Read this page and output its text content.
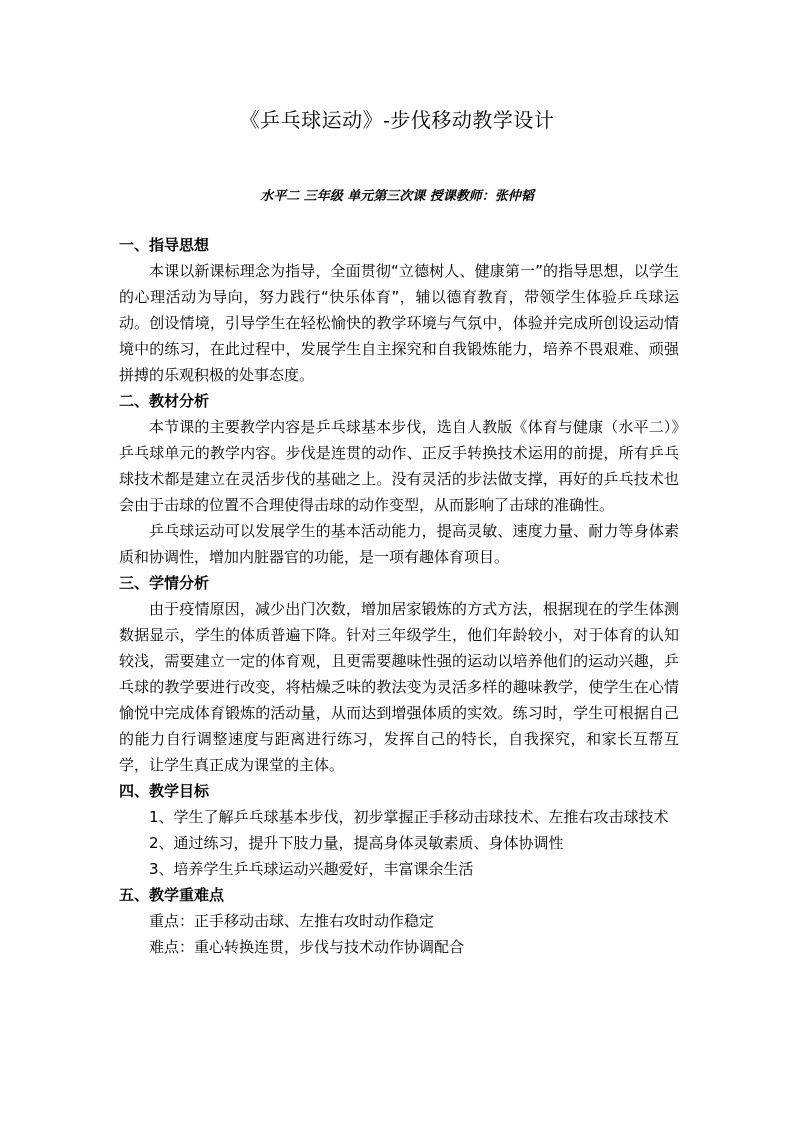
《乒乓球运动》-步伐移动教学设计
水平二 三年级 单元第三次课 授课教师：张仲韬

一、指导思想

本课以新课标理念为指导，全面贯彻“立德树人、健康第一”的指导思想，以学生的心理活动为导向，努力践行“快乐体育”，辅以德育教育，带领学生体验乒乓球运动。创设情境，引导学生在轻松愉快的教学环境与气氛中，体验并完成所创设运动情境中的练习，在此过程中，发展学生自主探究和自我锻炼能力，培养不畏艰难、顽强拼搏的乐观积极的处事态度。

二、教材分析

本节课的主要教学内容是乒乓球基本步伐，选自人教版《体育与健康（水平二）》乒乓球单元的教学内容。步伐是连贯的动作、正反手转换技术运用的前提，所有乒乓球技术都是建立在灵活步伐的基础之上。没有灵活的步法做支撑，再好的乒乓技术也会由于击球的位置不合理使得击球的动作变型，从而影响了击球的准确性。

乒乓球运动可以发展学生的基本活动能力，提高灵敏、速度力量、耐力等身体素质和协调性，增加内脏器官的功能，是一项有趣体育项目。

三、学情分析

由于疫情原因，减少出门次数，增加居家锻炼的方式方法，根据现在的学生体测数据显示，学生的体质普遍下降。针对三年级学生，他们年龄较小，对于体育的认知较浅，需要建立一定的体育观，且更需要趣味性强的运动以培养他们的运动兴趣，乒乓球的教学要进行改变，将枯燥乏味的教法变为灵活多样的趣味教学，使学生在心情愉悦中完成体育锻炼的活动量，从而达到增强体质的实效。练习时，学生可根据自己的能力自行调整速度与距离进行练习，发挥自己的特长，自我探究，和家长互帮互学，让学生真正成为课堂的主体。

四、教学目标

1、学生了解乒乓球基本步伐，初步掌握正手移动击球技术、左推右攻击球技术

2、通过练习，提升下肢力量，提高身体灵敏素质、身体协调性

3、培养学生乒乓球运动兴趣爱好，丰富课余生活

五、教学重难点

重点：正手移动击球、左推右攻时动作稳定

难点：重心转换连贯，步伐与技术动作协调配合
